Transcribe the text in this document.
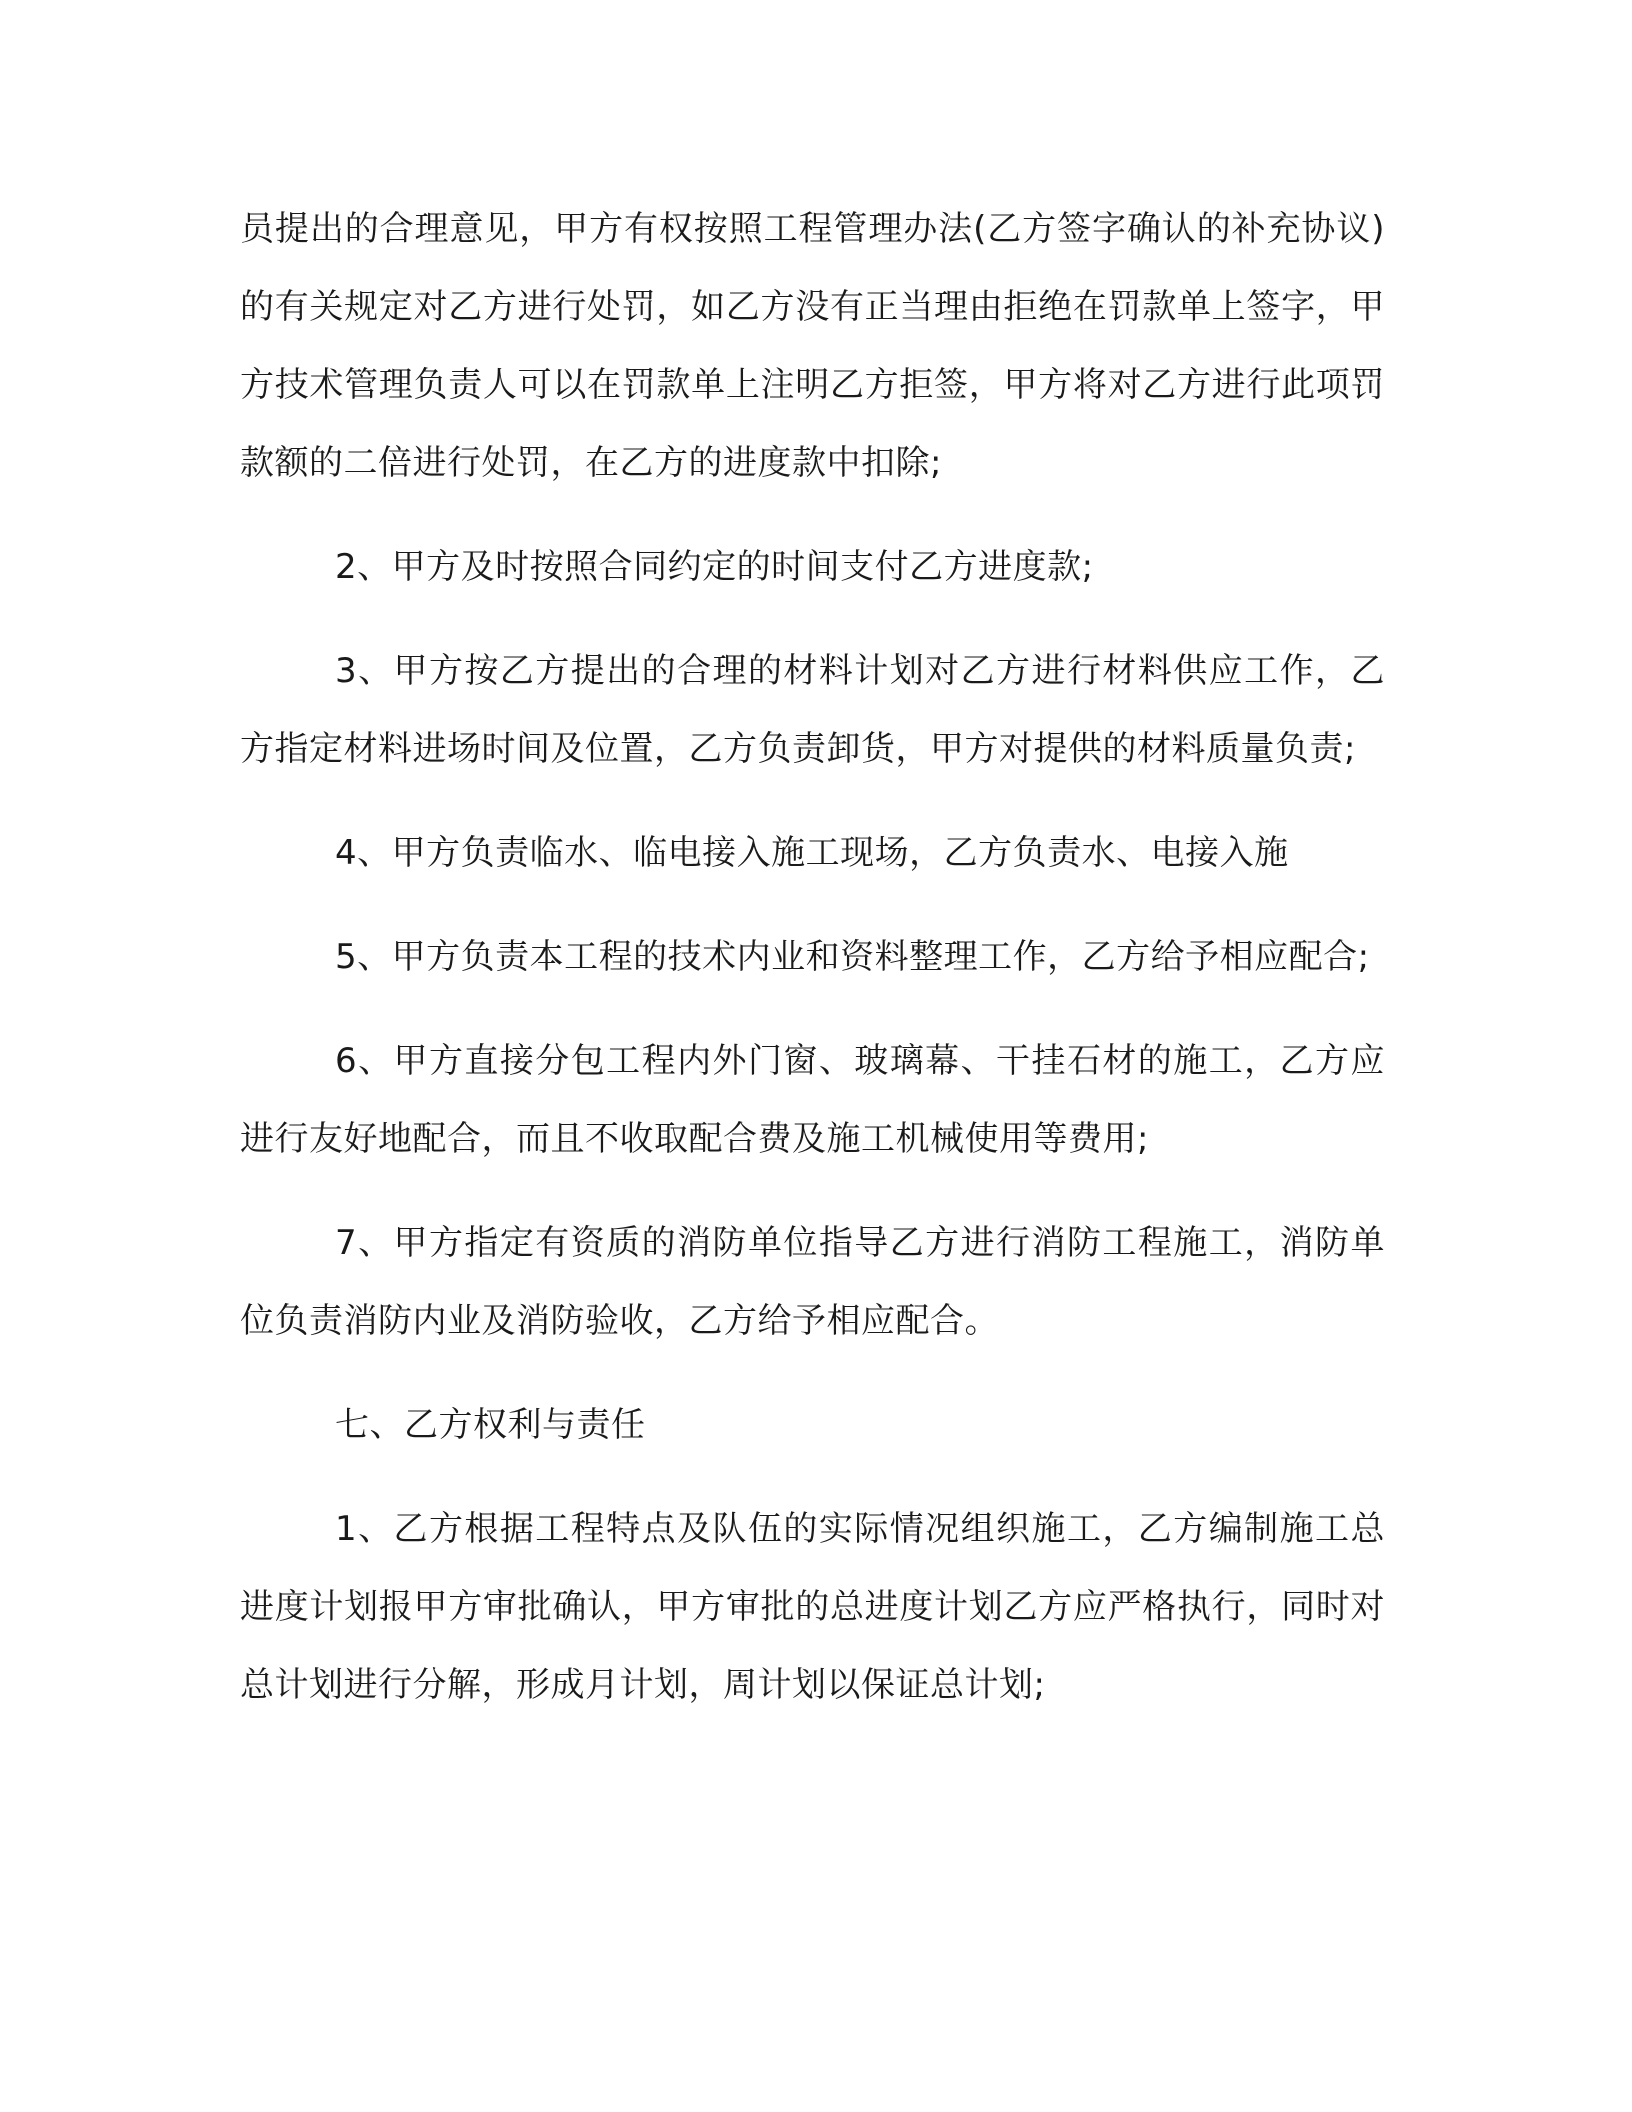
员提出的合理意见，甲方有权按照工程管理办法(乙方签字确认的补充协议)的有关规定对乙方进行处罚，如乙方没有正当理由拒绝在罚款单上签字，甲方技术管理负责人可以在罚款单上注明乙方拒签，甲方将对乙方进行此项罚款额的二倍进行处罚，在乙方的进度款中扣除;

2、甲方及时按照合同约定的时间支付乙方进度款;

3、甲方按乙方提出的合理的材料计划对乙方进行材料供应工作，乙方指定材料进场时间及位置，乙方负责卸货，甲方对提供的材料质量负责;

4、甲方负责临水、临电接入施工现场，乙方负责水、电接入施

5、甲方负责本工程的技术内业和资料整理工作，乙方给予相应配合;

6、甲方直接分包工程内外门窗、玻璃幕、干挂石材的施工，乙方应进行友好地配合，而且不收取配合费及施工机械使用等费用;

7、甲方指定有资质的消防单位指导乙方进行消防工程施工，消防单位负责消防内业及消防验收，乙方给予相应配合。

七、乙方权利与责任

1、乙方根据工程特点及队伍的实际情况组织施工，乙方编制施工总进度计划报甲方审批确认，甲方审批的总进度计划乙方应严格执行，同时对总计划进行分解，形成月计划，周计划以保证总计划;
